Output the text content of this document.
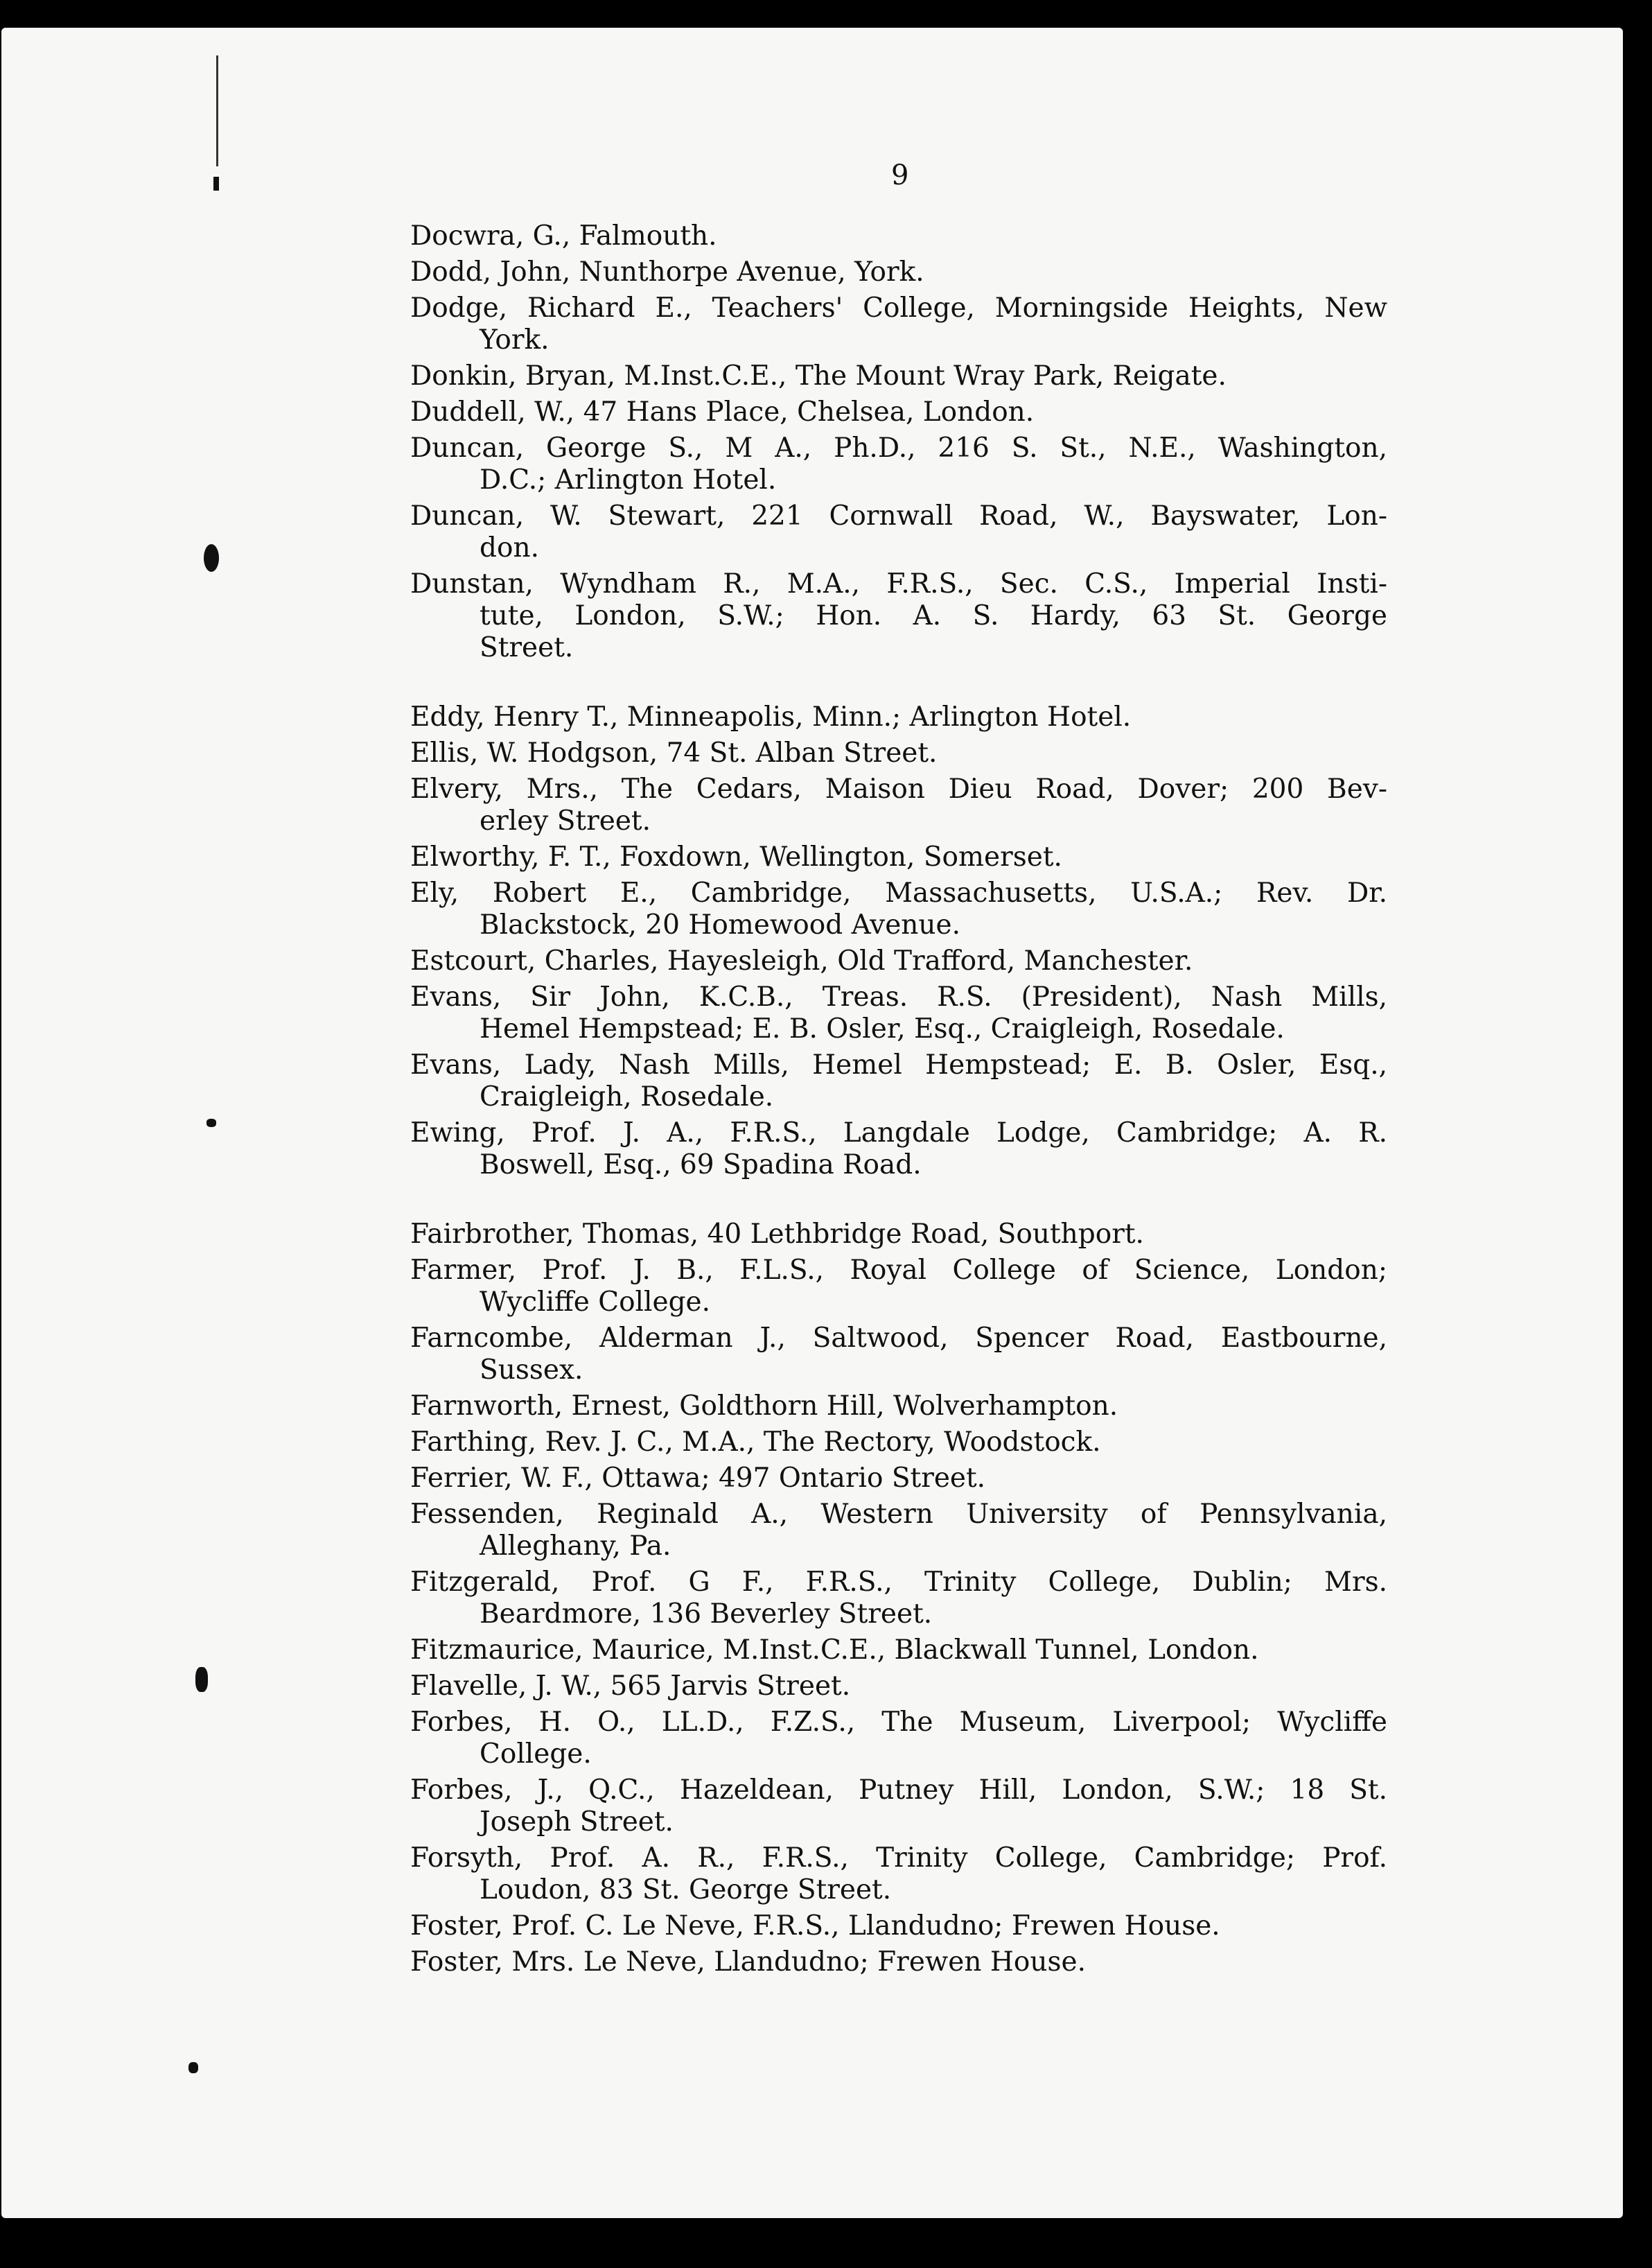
9
Docwra, G., Falmouth.
Dodd, John, Nunthorpe Avenue, York.
Dodge, Richard E., Teachers' College, Morningside Heights, New
York.
Donkin, Bryan, M.Inst.C.E., The Mount Wray Park, Reigate.
Duddell, W., 47 Hans Place, Chelsea, London.
Duncan, George S., M A., Ph.D., 216 S. St., N.E., Washington,
D.C.; Arlington Hotel.
Duncan, W. Stewart, 221 Cornwall Road, W., Bayswater, Lon-
don.
Dunstan, Wyndham R., M.A., F.R.S., Sec. C.S., Imperial Insti-
tute, London, S.W.; Hon. A. S. Hardy, 63 St. George
Street.
Eddy, Henry T., Minneapolis, Minn.; Arlington Hotel.
Ellis, W. Hodgson, 74 St. Alban Street.
Elvery, Mrs., The Cedars, Maison Dieu Road, Dover; 200 Bev-
erley Street.
Elworthy, F. T., Foxdown, Wellington, Somerset.
Ely, Robert E., Cambridge, Massachusetts, U.S.A.; Rev. Dr.
Blackstock, 20 Homewood Avenue.
Estcourt, Charles, Hayesleigh, Old Trafford, Manchester.
Evans, Sir John, K.C.B., Treas. R.S. (President), Nash Mills,
Hemel Hempstead; E. B. Osler, Esq., Craigleigh, Rosedale.
Evans, Lady, Nash Mills, Hemel Hempstead; E. B. Osler, Esq.,
Craigleigh, Rosedale.
Ewing, Prof. J. A., F.R.S., Langdale Lodge, Cambridge; A. R.
Boswell, Esq., 69 Spadina Road.
Fairbrother, Thomas, 40 Lethbridge Road, Southport.
Farmer, Prof. J. B., F.L.S., Royal College of Science, London;
Wycliffe College.
Farncombe, Alderman J., Saltwood, Spencer Road, Eastbourne,
Sussex.
Farnworth, Ernest, Goldthorn Hill, Wolverhampton.
Farthing, Rev. J. C., M.A., The Rectory, Woodstock.
Ferrier, W. F., Ottawa; 497 Ontario Street.
Fessenden, Reginald A., Western University of Pennsylvania,
Alleghany, Pa.
Fitzgerald, Prof. G F., F.R.S., Trinity College, Dublin; Mrs.
Beardmore, 136 Beverley Street.
Fitzmaurice, Maurice, M.Inst.C.E., Blackwall Tunnel, London.
Flavelle, J. W., 565 Jarvis Street.
Forbes, H. O., LL.D., F.Z.S., The Museum, Liverpool; Wycliffe
College.
Forbes, J., Q.C., Hazeldean, Putney Hill, London, S.W.; 18 St.
Joseph Street.
Forsyth, Prof. A. R., F.R.S., Trinity College, Cambridge; Prof.
Loudon, 83 St. George Street.
Foster, Prof. C. Le Neve, F.R.S., Llandudno; Frewen House.
Foster, Mrs. Le Neve, Llandudno; Frewen House.
